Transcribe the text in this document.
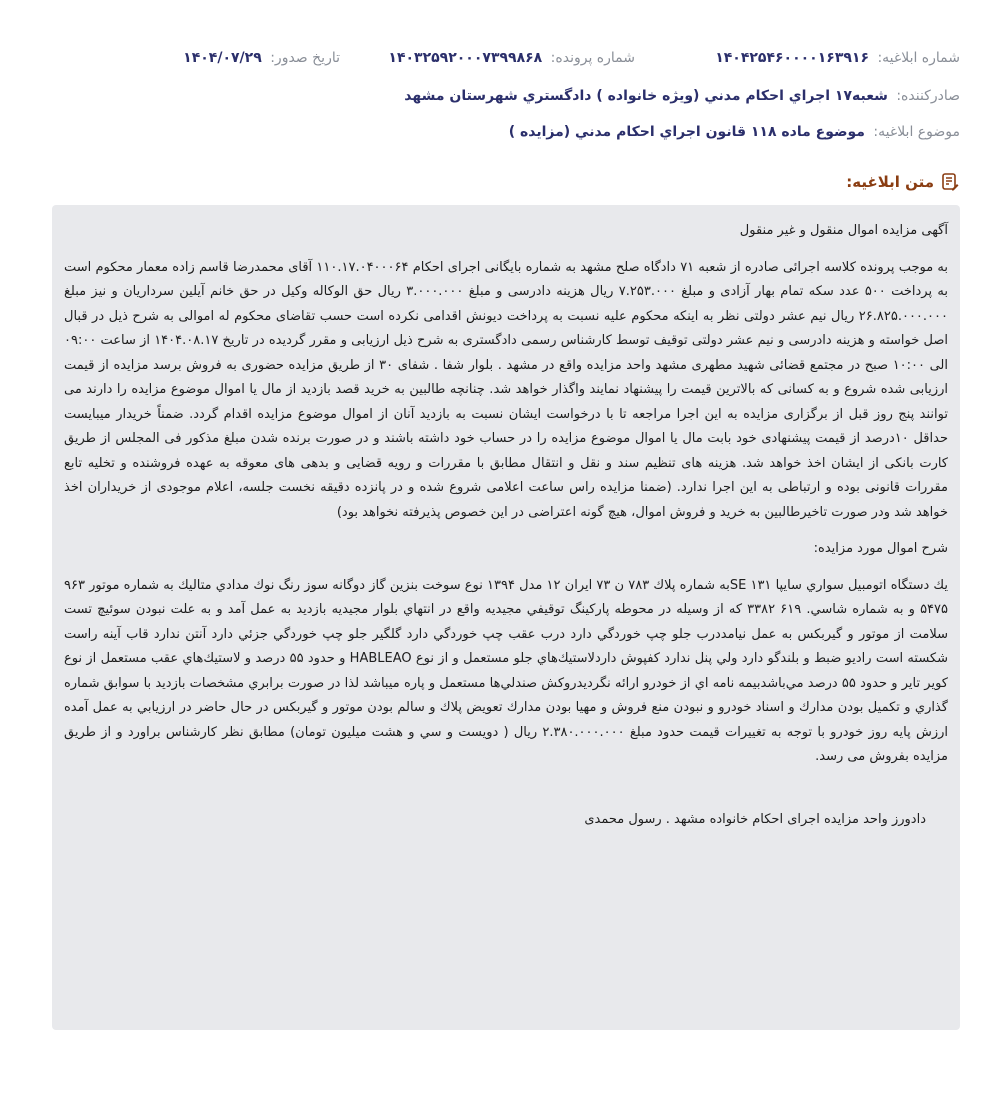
شماره ابلاغيه: ۱۴۰۴۲۵۴۶۰۰۰۰۱۶۳۹۱۶
شماره پرونده: ۱۴۰۳۲۵۹۲۰۰۰۷۳۹۹۸۶۸
تاريخ صدور: ۱۴۰۴/۰۷/۲۹
صادرکننده: شعبه۱۷ اجراي احكام مدني (ويژه خانواده ) دادگستري شهرستان مشهد
موضوع ابلاغيه: موضوع ماده ۱۱۸ قانون اجراي احكام مدني (مزايده )
متن ابلاغيه:

آگهی مزایده اموال منقول و غیر منقول

به موجب پرونده کلاسه اجرائی صادره از شعبه ۷۱ دادگاه صلح مشهد به شماره بایگانی اجرای احکام ۱۱۰.۱۷.۰۴۰۰۰۶۴ آقای محمدرضا قاسم زاده معمار محکوم است به پرداخت ۵۰۰ عدد سکه تمام بهار آزادی و مبلغ ۷.۲۵۳.۰۰۰ ریال هزینه دادرسی و مبلغ ۳.۰۰۰.۰۰۰ ریال حق الوکاله وکیل در حق خانم آیلین سرداریان و نیز مبلغ ۲۶.۸۲۵.۰۰۰.۰۰۰ ریال نیم عشر دولتی نظر به اینکه محکوم علیه نسبت به پرداخت دیونش اقدامی نکرده است حسب تقاضای محکوم له اموالی به شرح ذیل در قبال اصل خواسته و هزینه دادرسی و نیم عشر دولتی توقیف توسط کارشناس رسمی دادگستری به شرح ذیل ارزیابی و مقرر گردیده در تاریخ ۱۴۰۴.۰۸.۱۷ از ساعت ۰۹:۰۰ الی ۱۰:۰۰ صبح در مجتمع قضائی شهید مطهری مشهد واحد مزایده واقع در مشهد . بلوار شفا . شفای ۳۰ از طریق مزایده حضوری به فروش برسد مزایده از قیمت ارزیابی شده شروع و به کسانی که بالاترین قیمت را پیشنهاد نمایند واگذار خواهد شد. چنانچه طالبین به خرید قصد بازدید از مال یا اموال موضوع مزایده را دارند می توانند پنج روز قبل از برگزاری مزایده به این اجرا مراجعه تا با درخواست ایشان نسبت به بازدید آنان از اموال موضوع مزایده اقدام گردد. ضمناً خریدار میبایست حداقل ۱۰درصد از قیمت پیشنهادی خود بابت مال یا اموال موضوع مزایده را در حساب خود داشته باشند و در صورت برنده شدن مبلغ مذکور فی المجلس از طریق کارت بانکی از ایشان اخذ خواهد شد. هزینه های تنظیم سند و نقل و انتقال مطابق با مقررات و رویه قضایی و بدهی های معوقه به عهده فروشنده و تخلیه تابع مقررات قانونی بوده و ارتباطی به این اجرا ندارد. (ضمنا مزایده راس ساعت اعلامی شروع شده و در پانزده دقیقه نخست جلسه، اعلام موجودی از خریداران اخذ خواهد شد ودر صورت تاخیرطالبین به خرید و فروش اموال، هیچ گونه اعتراضی در این خصوص پذیرفته نخواهد بود)

شرح اموال مورد مزایده:

یك دستگاه اتومبيل سواري سايپا ۱۳۱ SEبه شماره پلاك ۷۸۳ ن ۷۳ ايران ۱۲ مدل ۱۳۹۴ نوع سوخت بنزين گاز دوگانه سوز رنگ نوك مدادي متاليك به شماره موتور ۹۶۳ ۵۴۷۵ و به شماره شاسي. ۶۱۹ ۳۳۸۲ كه از وسيله در محوطه پاركينگ توقيفي مجيديه واقع در انتهاي بلوار مجيديه بازديد به عمل آمد و به علت نبودن سوئيچ تست سلامت از موتور و گيربكس به عمل نيامددرب جلو چپ خوردگي دارد درب عقب چپ خوردگي دارد گلگير جلو چپ خوردگي جزئي دارد آنتن ندارد قاب آينه راست شكسته است راديو ضبط و بلندگو دارد ولي پنل ندارد كفپوش داردلاستيك‌هاي جلو مستعمل و از نوع HABLEAO و حدود ۵۵ درصد و لاستيك‌هاي عقب مستعمل از نوع كوير تاير و حدود ۵۵ درصد مي‌باشدبيمه نامه اي از خودرو ارائه نگرديدروكش صندلي‌ها مستعمل و پاره ميباشد لذا در صورت برابري مشخصات بازديد با سوابق شماره گذاري و تكميل بودن مدارك و اسناد خودرو و نبودن منع فروش و مهيا بودن مدارك تعويض پلاك و سالم بودن موتور و گيربكس در حال حاضر در ارزيابي به عمل آمده ارزش پايه روز خودرو با توجه به تغييرات قيمت حدود مبلغ ۲.۳۸۰.۰۰۰.۰۰۰ ريال ( دويست و سي و هشت ميليون تومان) مطابق نظر كارشناس براورد و از طريق مزايده بفروش مى رسد.

دادورز واحد مزایده اجرای احکام خانواده مشهد . رسول محمدی
